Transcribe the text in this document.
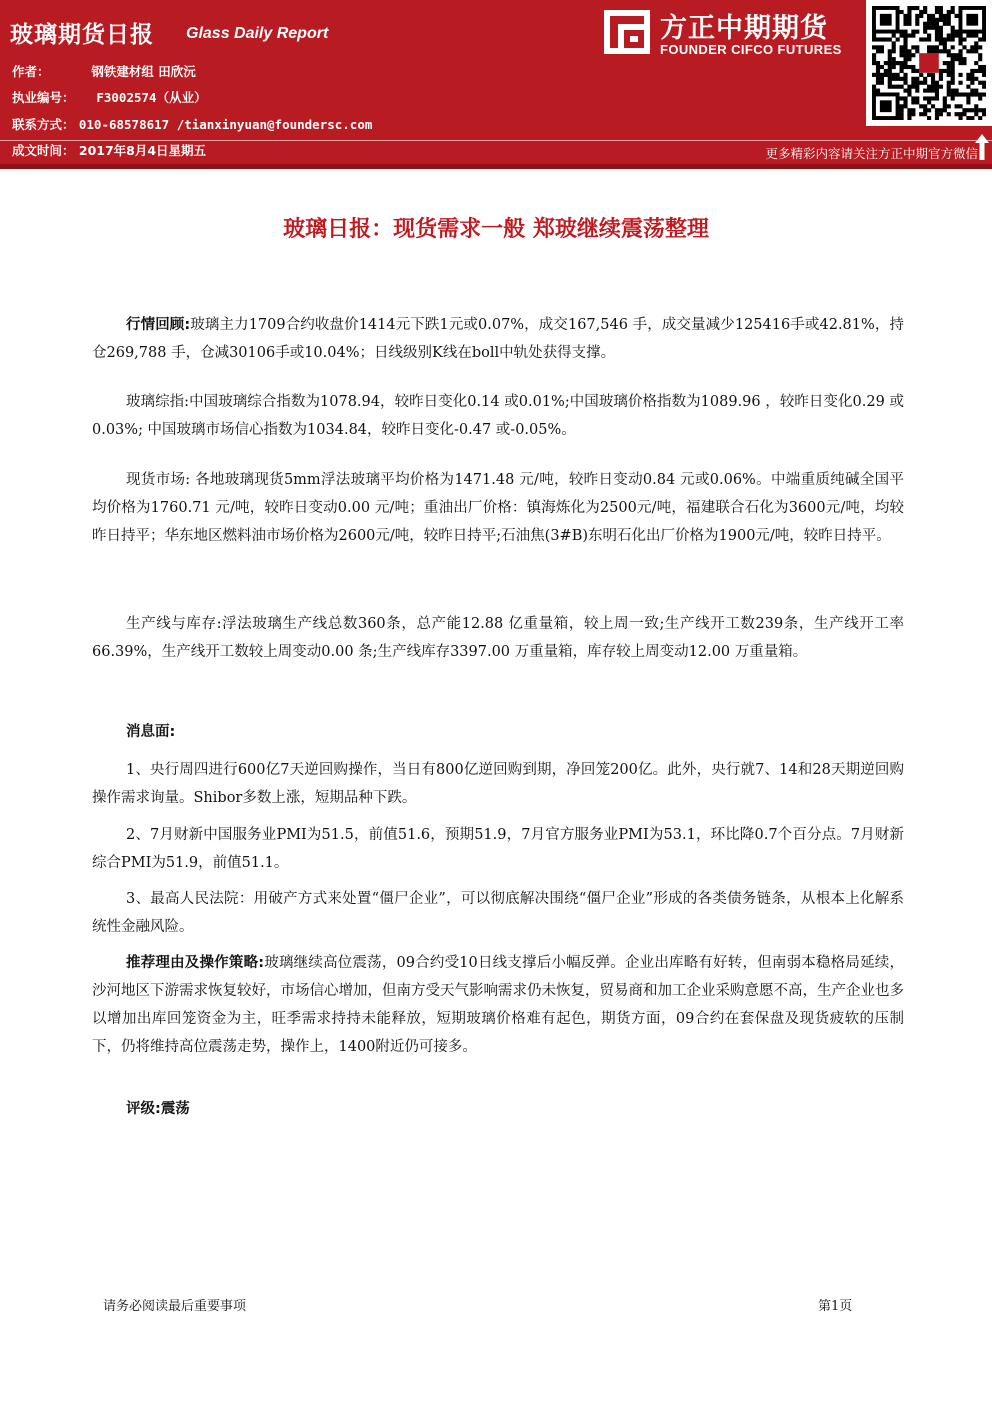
玻璃期货日报 Glass Daily Report
作者：	钢铁建材组 田欣沅
执业编号： F3002574（从业）
联系方式： 010-68578617 /tianxinyuan@foundersc.com
成文时间： 2017年8月4日星期五
方正中期期货
FOUNDER CIFCO FUTURES
更多精彩内容请关注方正中期官方微信
玻璃日报：现货需求一般 郑玻继续震荡整理
行情回顾:玻璃主力1709合约收盘价1414元下跌1元或0.07%，成交167,546 手，成交量减少125416手或42.81%，持仓269,788 手，仓减30106手或10.04%；日线级别K线在boll中轨处获得支撑。
玻璃综指:中国玻璃综合指数为1078.94，较昨日变化0.14 或0.01%;中国玻璃价格指数为1089.96 ，较昨日变化0.29 或0.03%; 中国玻璃市场信心指数为1034.84，较昨日变化-0.47 或-0.05%。
现货市场: 各地玻璃现货5mm浮法玻璃平均价格为1471.48 元/吨，较昨日变动0.84 元或0.06%。中端重质纯碱全国平均价格为1760.71 元/吨，较昨日变动0.00 元/吨；重油出厂价格：镇海炼化为2500元/吨，福建联合石化为3600元/吨，均较昨日持平；华东地区燃料油市场价格为2600元/吨，较昨日持平;石油焦(3#B)东明石化出厂价格为1900元/吨，较昨日持平。
生产线与库存:浮法玻璃生产线总数360条，总产能12.88 亿重量箱，较上周一致;生产线开工数239条，生产线开工率66.39%，生产线开工数较上周变动0.00 条;生产线库存3397.00 万重量箱，库存较上周变动12.00 万重量箱。
消息面:
1、央行周四进行600亿7天逆回购操作，当日有800亿逆回购到期，净回笼200亿。此外，央行就7、14和28天期逆回购操作需求询量。Shibor多数上涨，短期品种下跌。
2、7月财新中国服务业PMI为51.5，前值51.6，预期51.9，7月官方服务业PMI为53.1，环比降0.7个百分点。7月财新综合PMI为51.9，前值51.1。
3、最高人民法院：用破产方式来处置“僵尸企业”，可以彻底解决围绕“僵尸企业”形成的各类债务链条，从根本上化解系统性金融风险。
推荐理由及操作策略:玻璃继续高位震荡，09合约受10日线支撑后小幅反弹。企业出库略有好转，但南弱本稳格局延续，沙河地区下游需求恢复较好，市场信心增加，但南方受天气影响需求仍未恢复，贸易商和加工企业采购意愿不高，生产企业也多以增加出库回笼资金为主，旺季需求持持未能释放，短期玻璃价格难有起色，期货方面，09合约在套保盘及现货疲软的压制下，仍将维持高位震荡走势，操作上，1400附近仍可接多。
评级:震荡
请务必阅读最后重要事项	第1页
